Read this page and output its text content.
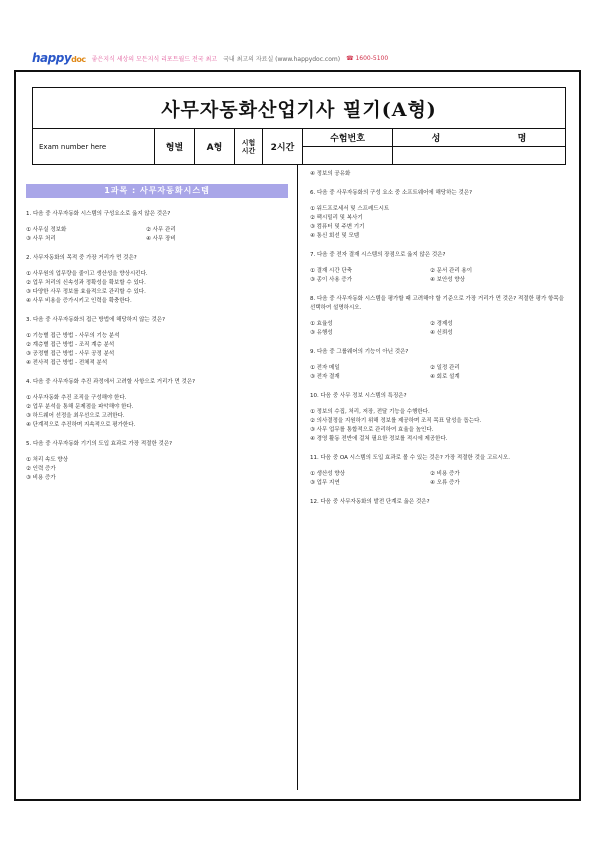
happydoc 좋은지식 세상의 모든지식 리포트월드 전국 최고 국내 최고의 자료실 (www.happydoc.com) ☎ 1600-5100
사무자동화산업기사 필기(A형)
Exam number here	형별	A형
시험
시간	2시간
수험번호	성	명
1과목 : 사무자동화시스템
1. 다음 중 사무자동화 시스템의 구성요소로 옳지 않은 것은?
① 사무실 정보화	② 사무 관리
③ 사무 처리	④ 사무 장비
2. 사무자동화의 목적 중 가장 거리가 먼 것은?
① 사무원의 업무량을 줄이고 생산성을 향상시킨다.
② 업무 처리의 신속성과 정확성을 확보할 수 있다.
③ 다양한 사무 정보를 효율적으로 관리할 수 있다.
④ 사무 비용을 증가시키고 인력을 확충한다.
3. 다음 중 사무자동화의 접근 방법에 해당하지 않는 것은?
① 기능별 접근 방법 - 사무의 기능 분석
② 계층별 접근 방법 - 조직 계층 분석
③ 공정별 접근 방법 - 사무 공정 분석
④ 전사적 접근 방법 - 전체적 분석
4. 다음 중 사무자동화 추진 과정에서 고려할 사항으로 거리가 먼 것은?
① 사무자동화 추진 조직을 구성해야 한다.
② 업무 분석을 통해 문제점을 파악해야 한다.
③ 하드웨어 선정을 최우선으로 고려한다.
④ 단계적으로 추진하며 지속적으로 평가한다.
5. 다음 중 사무자동화 기기의 도입 효과로 가장 적절한 것은?
① 처리 속도 향상
② 인력 증가
③ 비용 증가
④ 정보의 공유화
6. 다음 중 사무자동화의 구성 요소 중 소프트웨어에 해당하는 것은?
① 워드프로세서 및 스프레드시트
② 팩시밀리 및 복사기
③ 컴퓨터 및 주변 기기
④ 통신 회선 및 모뎀
7. 다음 중 전자 결재 시스템의 장점으로 옳지 않은 것은?
① 결재 시간 단축	② 문서 관리 용이
③ 종이 사용 증가	④ 보안성 향상
8. 다음 중 사무자동화 시스템을 평가할 때 고려해야 할 기준으로 가장 거리가 먼 것은? 적절한 평가 항목을 선택하여 설명하시오.
① 효율성	② 경제성
③ 유행성	④ 신뢰성
9. 다음 중 그룹웨어의 기능이 아닌 것은?
① 전자 메일	② 일정 관리
③ 전자 결재	④ 회로 설계
10. 다음 중 사무 정보 시스템의 특징은?
① 정보의 수집, 처리, 저장, 전달 기능을 수행한다.
② 의사결정을 지원하기 위해 정보를 제공하며 조직 목표 달성을 돕는다.
③ 사무 업무를 통합적으로 관리하여 효율을 높인다.
④ 경영 활동 전반에 걸쳐 필요한 정보를 적시에 제공한다.
11. 다음 중 OA 시스템의 도입 효과로 볼 수 있는 것은? 가장 적절한 것을 고르시오.
① 생산성 향상	② 비용 증가
③ 업무 지연	④ 오류 증가
12. 다음 중 사무자동화의 발전 단계로 옳은 것은?
